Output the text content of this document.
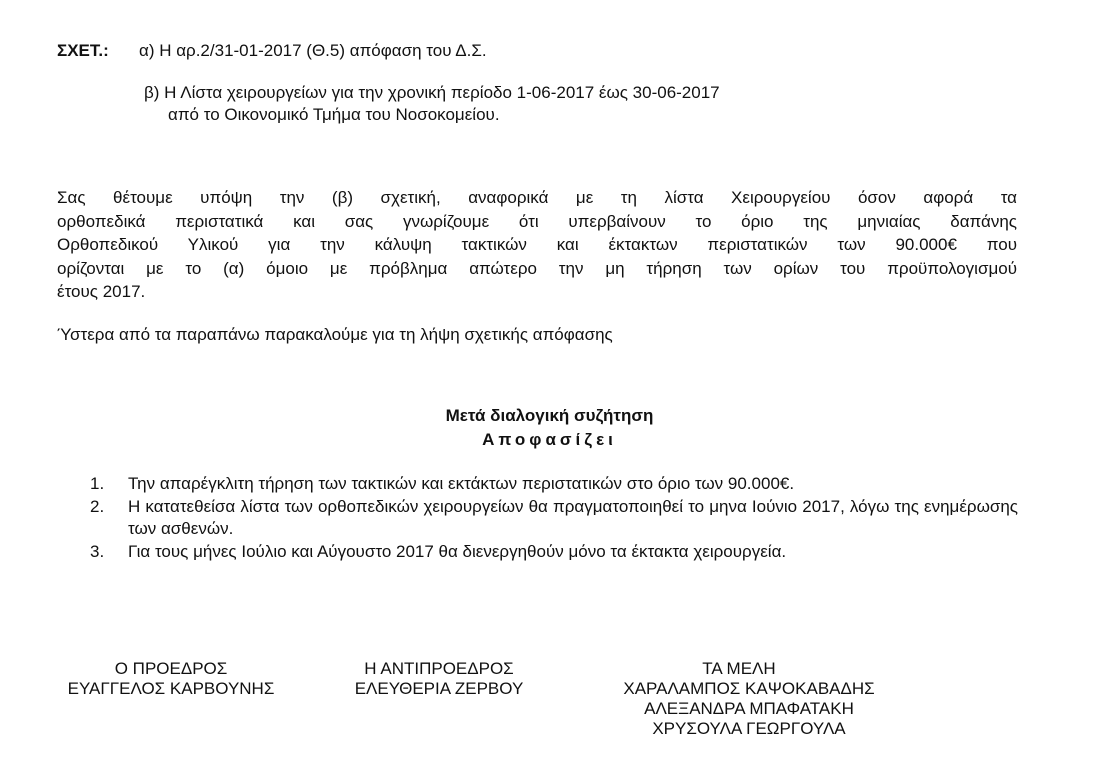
ΣΧΕΤ.: α) Η αρ.2/31-01-2017 (Θ.5) απόφαση του Δ.Σ.
β) Η Λίστα χειρουργείων για την χρονική περίοδο 1-06-2017 έως 30-06-2017
από το Οικονομικό Τμήμα του Νοσοκομείου.
Σας θέτουμε υπόψη την (β) σχετική, αναφορικά με τη λίστα Χειρουργείου όσον αφορά τα
ορθοπεδικά περιστατικά και σας γνωρίζουμε ότι υπερβαίνουν το όριο της μηνιαίας δαπάνης
Ορθοπεδικού Υλικού για την κάλυψη τακτικών και έκτακτων περιστατικών των 90.000€ που
ορίζονται με το (α) όμοιο με πρόβλημα απώτερο την μη τήρηση των ορίων του προϋπολογισμού
έτους 2017.
Ύστερα από τα παραπάνω παρακαλούμε για τη λήψη σχετικής απόφασης
Μετά διαλογική συζήτηση
Αποφασίζει
1. Την απαρέγκλιτη τήρηση των τακτικών και εκτάκτων περιστατικών στο όριο των 90.000€.
2. Η κατατεθείσα λίστα των ορθοπεδικών χειρουργείων θα πραγματοποιηθεί το μηνα Ιούνιο 2017, λόγω της ενημέρωσης των ασθενών.
3. Για τους μήνες Ιούλιο και Αύγουστο 2017 θα διενεργηθούν μόνο τα έκτακτα χειρουργεία.
Ο ΠΡΟΕΔΡΟΣ
ΕΥΑΓΓΕΛΟΣ ΚΑΡΒΟΥΝΗΣ
Η ΑΝΤΙΠΡΟΕΔΡΟΣ
ΕΛΕΥΘΕΡΙΑ ΖΕΡΒΟΥ
ΤΑ ΜΕΛΗ
ΧΑΡΑΛΑΜΠΟΣ ΚΑΨΟΚΑΒΑΔΗΣ
ΑΛΕΞΑΝΔΡΑ ΜΠΑΦΑΤΑΚΗ
ΧΡΥΣΟΥΛΑ ΓΕΩΡΓΟΥΛΑ
